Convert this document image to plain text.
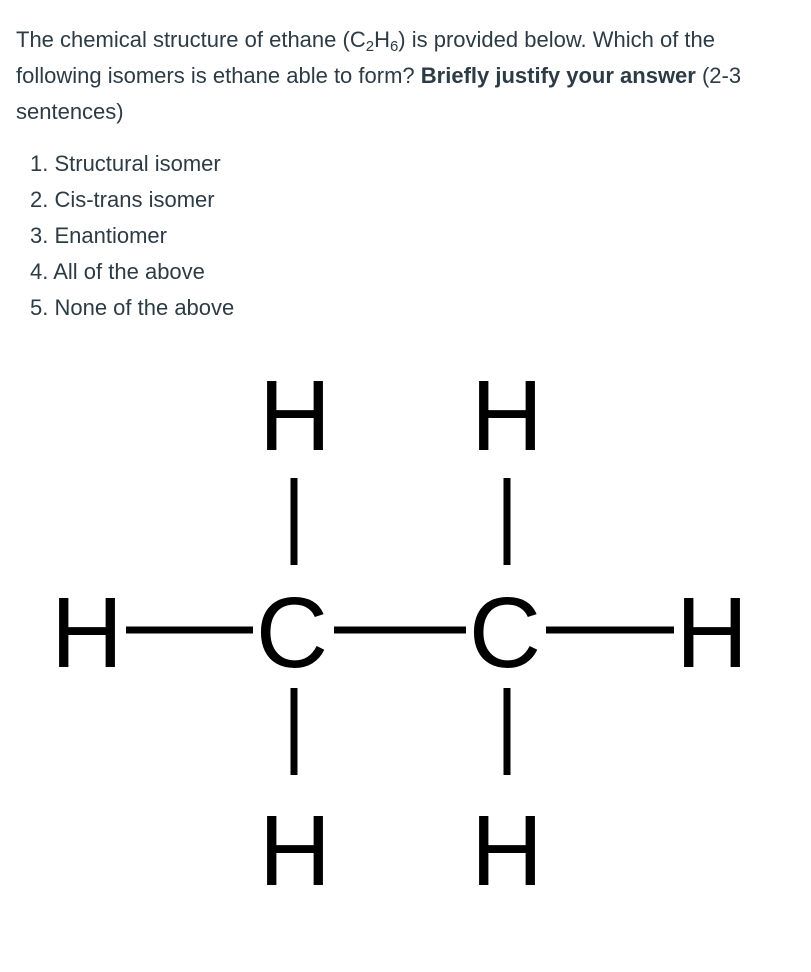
The chemical structure of ethane $(C_2H_6)$ is provided below. Which of the following isomers is ethane able to form? Briefly justify your answer (2-3 sentences)

1. Structural isomer
2. Cis-trans isomer
3. Enantiomer
4. All of the above
5. None of the above
H H
H C C H
H H
